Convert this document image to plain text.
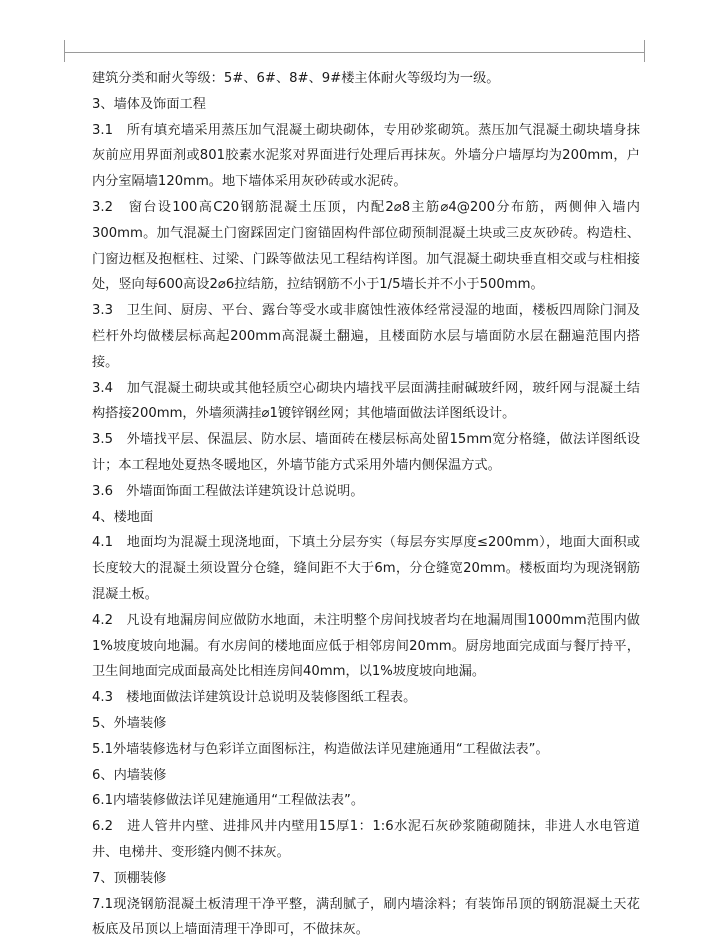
建筑分类和耐火等级：5#、6#、8#、9#楼主体耐火等级均为一级。

3、墙体及饰面工程

3.1　所有填充墙采用蒸压加气混凝土砌块砌体，专用砂浆砌筑。蒸压加气混凝土砌块墙身抹灰前应用界面剂或801胶素水泥浆对界面进行处理后再抹灰。外墙分户墙厚均为200mm，户内分室隔墙120mm。地下墙体采用灰砂砖或水泥砖。

3.2　窗台设100高C20钢筋混凝土压顶，内配2⌀8主筋⌀4@200分布筋，两侧伸入墙内300mm。加气混凝土门窗踩固定门窗锚固构件部位砌预制混凝土块或三皮灰砂砖。构造柱、门窗边框及抱框柱、过梁、门跺等做法见工程结构详图。加气混凝土砌块垂直相交或与柱相接处，竖向每600高设2⌀6拉结筋，拉结钢筋不小于1/5墙长并不小于500mm。

3.3　卫生间、厨房、平台、露台等受水或非腐蚀性液体经常浸湿的地面，楼板四周除门洞及栏杆外均做楼层标高起200mm高混凝土翻遍，且楼面防水层与墙面防水层在翻遍范围内搭接。

3.4　加气混凝土砌块或其他轻质空心砌块内墙找平层面满挂耐碱玻纤网，玻纤网与混凝土结构搭接200mm，外墙须满挂⌀1镀锌钢丝网；其他墙面做法详图纸设计。

3.5　外墙找平层、保温层、防水层、墙面砖在楼层标高处留15mm宽分格缝，做法详图纸设计；本工程地处夏热冬暖地区，外墙节能方式采用外墙内侧保温方式。

3.6　外墙面饰面工程做法详建筑设计总说明。

4、楼地面

4.1　地面均为混凝土现浇地面，下填土分层夯实（每层夯实厚度≤200mm），地面大面积或长度较大的混凝土须设置分仓缝，缝间距不大于6m，分仓缝宽20mm。楼板面均为现浇钢筋混凝土板。

4.2　凡设有地漏房间应做防水地面，未注明整个房间找坡者均在地漏周围1000mm范围内做1%坡度坡向地漏。有水房间的楼地面应低于相邻房间20mm。厨房地面完成面与餐厅持平，卫生间地面完成面最高处比相连房间40mm，以1%坡度坡向地漏。

4.3　楼地面做法详建筑设计总说明及装修图纸工程表。

5、外墙装修

5.1外墙装修选材与色彩详立面图标注，构造做法详见建施通用“工程做法表”。

6、内墙装修

6.1内墙装修做法详见建施通用“工程做法表”。

6.2　进人管井内壁、进排风井内壁用15厚1：1:6水泥石灰砂浆随砌随抹，非进人水电管道井、电梯井、变形缝内侧不抹灰。

7、顶棚装修

7.1现浇钢筋混凝土板清理干净平整，满刮腻子，刷内墙涂料；有装饰吊顶的钢筋混凝土天花板底及吊顶以上墙面清理干净即可，不做抹灰。
